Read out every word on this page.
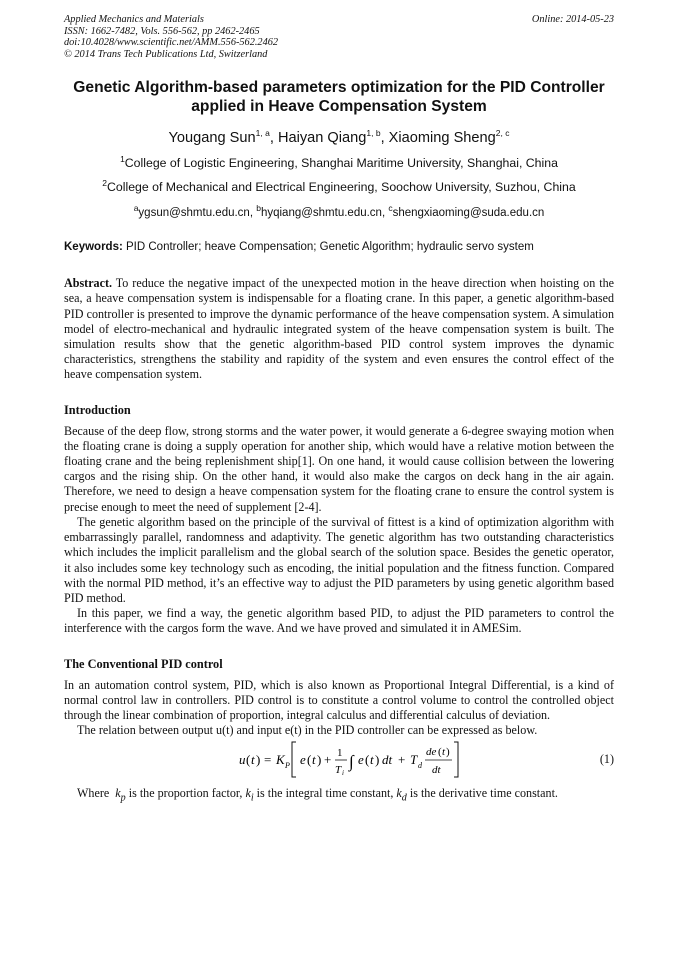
Applied Mechanics and Materials
ISSN: 1662-7482, Vols. 556-562, pp 2462-2465
doi:10.4028/www.scientific.net/AMM.556-562.2462
© 2014 Trans Tech Publications Ltd, Switzerland
Online: 2014-05-23
Genetic Algorithm-based parameters optimization for the PID Controller applied in Heave Compensation System
Yougang Sun$^{1, a}$, Haiyan Qiang$^{1, b}$, Xiaoming Sheng$^{2, c}$
$^1$College of Logistic Engineering, Shanghai Maritime University, Shanghai, China
$^2$College of Mechanical and Electrical Engineering, Soochow University, Suzhou, China
$^a$ygsun@shmtu.edu.cn, $^b$hyqiang@shmtu.edu.cn, $^c$shengxiaoming@suda.edu.cn
Keywords: PID Controller; heave Compensation; Genetic Algorithm; hydraulic servo system

Abstract. To reduce the negative impact of the unexpected motion in the heave direction when hoisting on the sea, a heave compensation system is indispensable for a floating crane. In this paper, a genetic algorithm-based PID controller is presented to improve the dynamic performance of the heave compensation system. A simulation model of electro-mechanical and hydraulic integrated system of the heave compensation system is built. The simulation results show that the genetic algorithm-based PID control system improves the dynamic characteristics, strengthens the stability and rapidity of the system and even ensures the control effect of the heave compensation system.

Introduction

Because of the deep flow, strong storms and the water power, it would generate a 6-degree swaying motion when the floating crane is doing a supply operation for another ship, which would have a relative motion between the floating crane and the being replenishment ship[1]. On one hand, it would cause collision between the lowering cargos and the rising ship. On the other hand, it would also make the cargos on deck hang in the air again. Therefore, we need to design a heave compensation system for the floating crane to ensure the control system is precise enough to meet the need of supplement [2-4].

The genetic algorithm based on the principle of the survival of fittest is a kind of optimization algorithm with embarrassingly parallel, randomness and adaptivity. The genetic algorithm has two outstanding characteristics which includes the implicit parallelism and the global search of the solution space. Besides the genetic operator, it also includes some key technology such as encoding, the initial population and the fitness function. Compared with the normal PID method, it’s an effective way to adjust the PID parameters by using genetic algorithm based PID method.

In this paper, we find a way, the genetic algorithm based PID, to adjust the PID parameters to control the interference with the cargos form the wave. And we have proved and simulated it in AMESim.

The Conventional PID control

In an automation control system, PID, which is also known as Proportional Integral Differential, is a kind of normal control law in controllers. PID control is to constitute a control volume to control the controlled object through the linear combination of proportion, integral calculus and differential calculus of deviation.

The relation between output u(t) and input e(t) in the PID controller can be expressed as below.

u ( t ) = K P e ( t ) + 1
T i
∫ e ( t ) dt + T d
de ( t )
dt
(1)

Where $k_p$ is the proportion factor, $k_i$ is the integral time constant, $k_d$ is the derivative time constant.
